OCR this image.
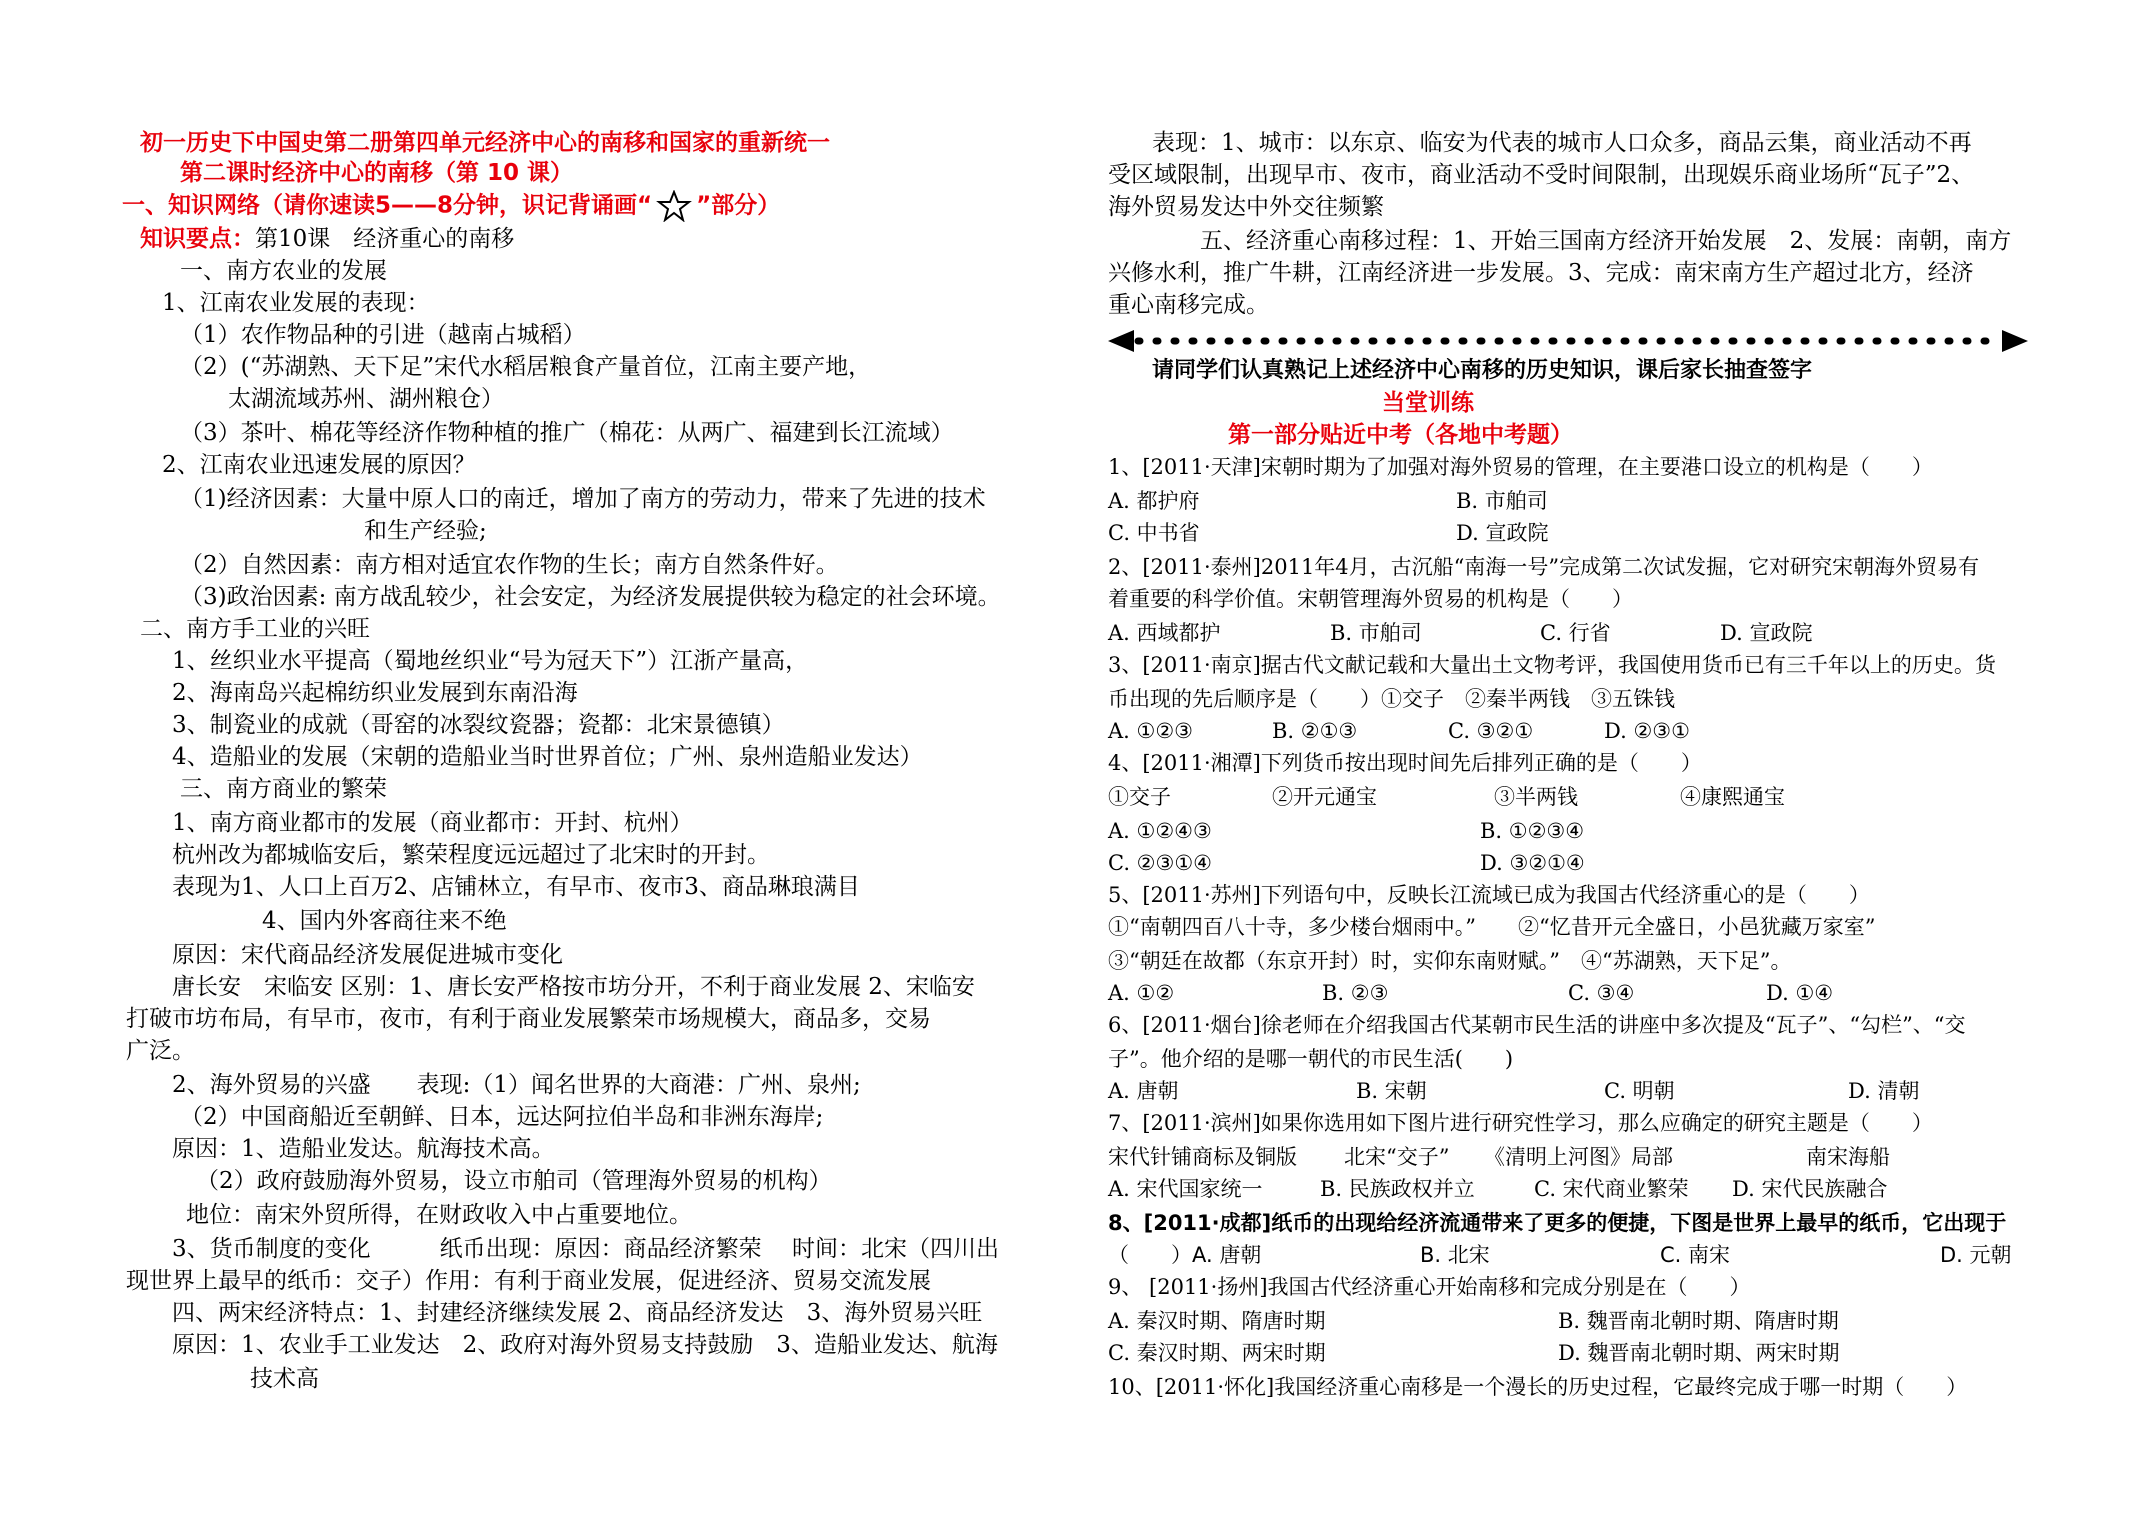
初一历史下中国史第二册第四单元经济中心的南移和国家的重新统一
第二课时经济中心的南移（第 10 课）
一、知识网络（请你速读5——8分钟，识记背诵画“ ”部分）
知识要点：第10课　经济重心的南移
一、南方农业的发展
1、江南农业发展的表现：
（1）农作物品种的引进（越南占城稻）
（2）(“苏湖熟、天下足”宋代水稻居粮食产量首位，江南主要产地，
太湖流域苏州、湖州粮仓）
（3）茶叶、棉花等经济作物种植的推广（棉花：从两广、福建到长江流域）
2、江南农业迅速发展的原因？
（1)经济因素：大量中原人口的南迁，增加了南方的劳动力，带来了先进的技术
和生产经验;
（2）自然因素：南方相对适宜农作物的生长；南方自然条件好。
（3)政治因素: 南方战乱较少，社会安定，为经济发展提供较为稳定的社会环境。
二、南方手工业的兴旺
1、丝织业水平提高（蜀地丝织业“号为冠天下”）江浙产量高，
2、海南岛兴起棉纺织业发展到东南沿海
3、制瓷业的成就（哥窑的冰裂纹瓷器；瓷都：北宋景德镇）
4、造船业的发展（宋朝的造船业当时世界首位；广州、泉州造船业发达）
三、南方商业的繁荣
1、南方商业都市的发展（商业都市：开封、杭州）
杭州改为都城临安后，繁荣程度远远超过了北宋时的开封。
表现为1、人口上百万2、店铺林立，有早市、夜市3、商品琳琅满目
4、国内外客商往来不绝
原因：宋代商品经济发展促进城市变化
唐长安　宋临安 区别：1、唐长安严格按市坊分开，不利于商业发展 2、宋临安
打破市坊布局，有早市，夜市，有利于商业发展繁荣市场规模大，商品多，交易
广泛。
2、海外贸易的兴盛　　表现:（1）闻名世界的大商港：广州、泉州;
（2）中国商船近至朝鲜、日本，远达阿拉伯半岛和非洲东海岸;
原因：1、造船业发达。航海技术高。
（2）政府鼓励海外贸易，设立市舶司（管理海外贸易的机构）
地位：南宋外贸所得，在财政收入中占重要地位。
3、货币制度的变化　　　纸币出现：原因：商品经济繁荣　 时间：北宋（四川出
现世界上最早的纸币：交子）作用：有利于商业发展，促进经济、贸易交流发展
四、两宋经济特点：1、封建经济继续发展 2、商品经济发达　3、海外贸易兴旺
原因：1、农业手工业发达　2、政府对海外贸易支持鼓励　3、造船业发达、航海
技术高
表现：1、城市：以东京、临安为代表的城市人口众多，商品云集，商业活动不再
受区域限制，出现早市、夜市，商业活动不受时间限制，出现娱乐商业场所“瓦子”2、
海外贸易发达中外交往频繁
五、经济重心南移过程：1、开始三国南方经济开始发展　2、发展：南朝，南方
兴修水利，推广牛耕，江南经济进一步发展。3、完成：南宋南方生产超过北方，经济
重心南移完成。
请同学们认真熟记上述经济中心南移的历史知识，课后家长抽查签字
当堂训练
第一部分贴近中考（各地中考题）
1、[2011·天津]宋朝时期为了加强对海外贸易的管理，在主要港口设立的机构是（　　）
A. 都护府	B. 市舶司
C. 中书省	D. 宣政院
2、[2011·泰州]2011年4月，古沉船“南海一号”完成第二次试发掘，它对研究宋朝海外贸易有
着重要的科学价值。宋朝管理海外贸易的机构是（　　）
A. 西域都护	B. 市舶司	C. 行省	D. 宣政院
3、[2011·南京]据古代文献记载和大量出土文物考评，我国使用货币已有三千年以上的历史。货
币出现的先后顺序是（　　）①交子　②秦半两钱　③五铢钱
A. ①②③	B. ②①③	C. ③②①	D. ②③①
4、[2011·湘潭]下列货币按出现时间先后排列正确的是（　　）
①交子	②开元通宝	③半两钱	④康熙通宝
A. ①②④③	B. ①②③④
C. ②③①④	D. ③②①④
5、[2011·苏州]下列语句中，反映长江流域已成为我国古代经济重心的是（　　）
①“南朝四百八十寺，多少楼台烟雨中。”　　②“忆昔开元全盛日，小邑犹藏万家室”
③“朝廷在故都（东京开封）时，实仰东南财赋。”　④“苏湖熟，天下足”。
A. ①②	B. ②③	C. ③④	D. ①④
6、[2011·烟台]徐老师在介绍我国古代某朝市民生活的讲座中多次提及“瓦子”、“勾栏”、“交
子”。他介绍的是哪一朝代的市民生活(　　)
A. 唐朝	B. 宋朝	C. 明朝	D. 清朝
7、[2011·滨州]如果你选用如下图片进行研究性学习，那么应确定的研究主题是（　　）
宋代针铺商标及铜版 北宋“交子” 《清明上河图》局部	南宋海船
A. 宋代国家统一	B. 民族政权并立	C. 宋代商业繁荣 D. 宋代民族融合
8、[2011·成都]纸币的出现给经济流通带来了更多的便捷，下图是世界上最早的纸币，它出现于
（　　）A. 唐朝	B. 北宋	C. 南宋	D. 元朝
9、 [2011·扬州]我国古代经济重心开始南移和完成分别是在（　　）
A. 秦汉时期、隋唐时期	B. 魏晋南北朝时期、隋唐时期
C. 秦汉时期、两宋时期	D. 魏晋南北朝时期、两宋时期
10、[2011·怀化]我国经济重心南移是一个漫长的历史过程，它最终完成于哪一时期（　　）
